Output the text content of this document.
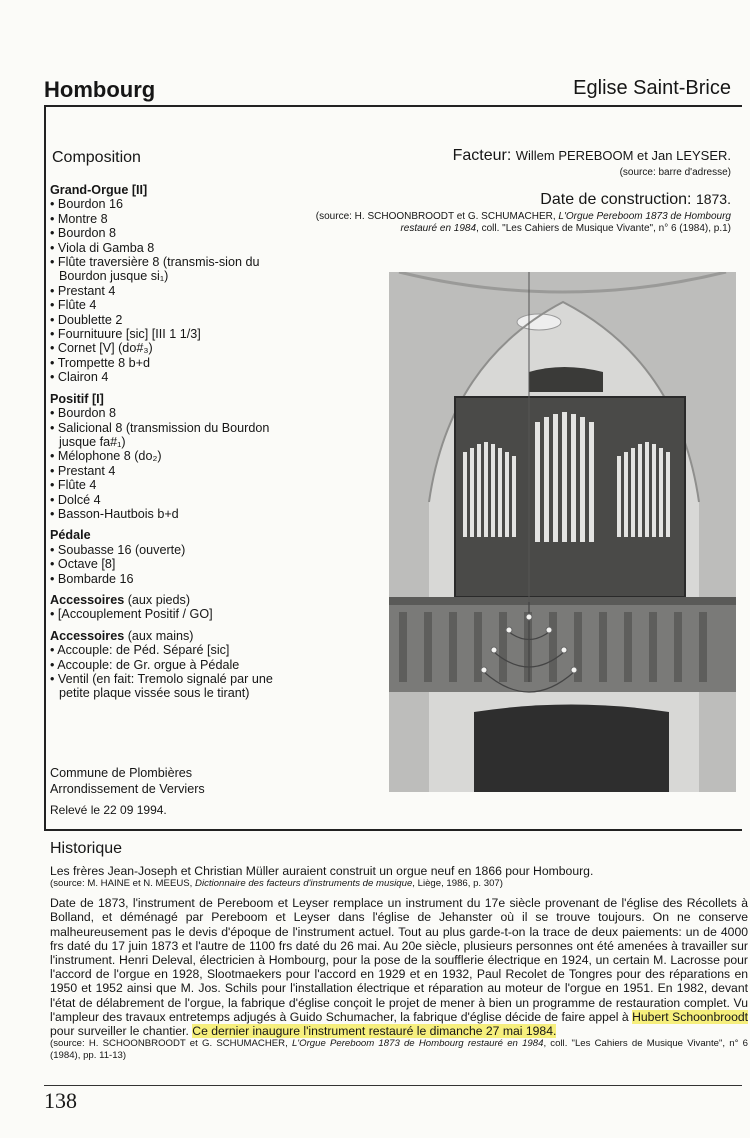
Hombourg	Eglise Saint-Brice
Composition
Grand-Orgue [II]
• Bourdon 16
• Montre 8
• Bourdon 8
• Viola di Gamba 8
• Flûte traversière 8 (transmis-sion du Bourdon jusque si₁)
• Prestant 4
• Flûte 4
• Doublette 2
• Fournituure [sic] [III 1 1/3]
• Cornet [V] (do#₃)
• Trompette 8 b+d
• Clairon 4
Positif [I]
• Bourdon 8
• Salicional 8 (transmission du Bourdon jusque fa#₁)
• Mélophone 8 (do₂)
• Prestant 4
• Flûte 4
• Dolcé 4
• Basson-Hautbois b+d
Pédale
• Soubasse 16 (ouverte)
• Octave [8]
• Bombarde 16
Accessoires (aux pieds)
• [Accouplement Positif / GO]
Accessoires (aux mains)
• Accouple: de Péd. Séparé [sic]
• Accouple: de Gr. orgue à Pédale
• Ventil (en fait: Tremolo signalé par une petite plaque vissée sous le tirant)
Commune de Plombières
Arrondissement de Verviers
Relevé le 22 09 1994.
Facteur: Willem PEREBOOM et Jan LEYSER.
(source: barre d'adresse)
Date de construction: 1873.
(source: H. SCHOONBROODT et G. SCHUMACHER, L'Orgue Pereboom 1873 de Hombourg restauré en 1984, coll. "Les Cahiers de Musique Vivante", n° 6 (1984), p.1)
Historique

Les frères Jean-Joseph et Christian Müller auraient construit un orgue neuf en 1866 pour Hombourg.

(source: M. HAINE et N. MEEUS, Dictionnaire des facteurs d'instruments de musique, Liège, 1986, p. 307)

Date de 1873, l'instrument de Pereboom et Leyser remplace un instrument du 17e siècle provenant de l'église des Récollets à Bolland, et déménagé par Pereboom et Leyser dans l'église de Jehanster où il se trouve toujours. On ne conserve malheureusement pas le devis d'époque de l'instrument actuel. Tout au plus garde-t-on la trace de deux paiements: un de 4000 frs daté du 17 juin 1873 et l'autre de 1100 frs daté du 26 mai. Au 20e siècle, plusieurs personnes ont été amenées à travailler sur l'instrument. Henri Deleval, électricien à Hombourg, pour la pose de la soufflerie électrique en 1924, un certain M. Lacrosse pour l'accord de l'orgue en 1928, Slootmaekers pour l'accord en 1929 et en 1932, Paul Recolet de Tongres pour des réparations en 1950 et 1952 ainsi que M. Jos. Schils pour l'installation électrique et réparation au moteur de l'orgue en 1951. En 1982, devant l'état de délabrement de l'orgue, la fabrique d'église conçoit le projet de mener à bien un programme de restauration complet. Vu l'ampleur des travaux entretemps adjugés à Guido Schumacher, la fabrique d'église décide de faire appel à Hubert Schoonbroodt pour surveiller le chantier. Ce dernier inaugure l'instrument restauré le dimanche 27 mai 1984.

(source: H. SCHOONBROODT et G. SCHUMACHER, L'Orgue Pereboom 1873 de Hombourg restauré en 1984, coll. "Les Cahiers de Musique Vivante", n° 6 (1984), pp. 11-13)

138
